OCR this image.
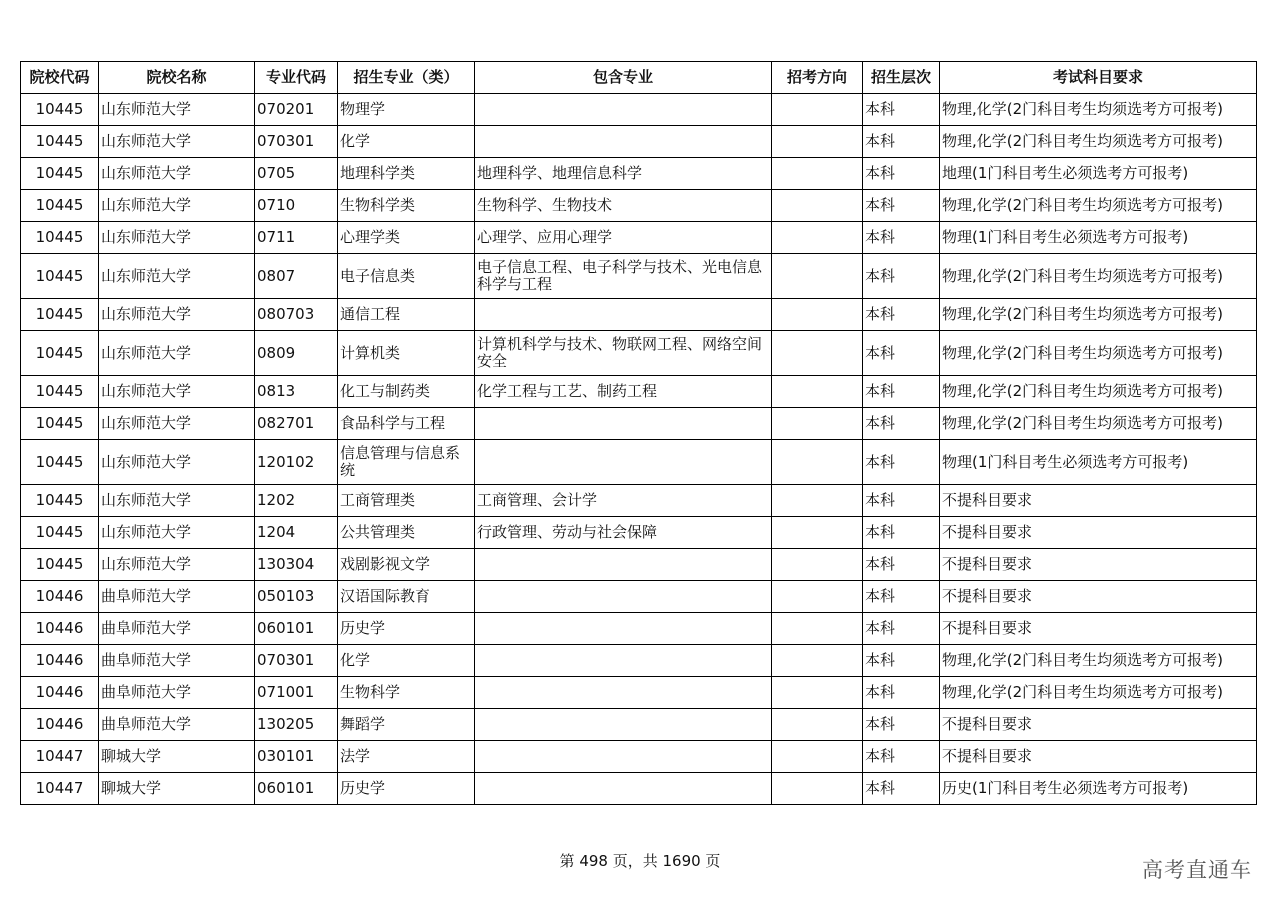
院校代码	院校名称	专业代码	招生专业（类）	包含专业	招考方向	招生层次	考试科目要求
10445	山东师范大学	070201	物理学			本科	物理,化学(2门科目考生均须选考方可报考)
10445	山东师范大学	070301	化学			本科	物理,化学(2门科目考生均须选考方可报考)
10445	山东师范大学	0705	地理科学类	地理科学、地理信息科学		本科	地理(1门科目考生必须选考方可报考)
10445	山东师范大学	0710	生物科学类	生物科学、生物技术		本科	物理,化学(2门科目考生均须选考方可报考)
10445	山东师范大学	0711	心理学类	心理学、应用心理学		本科	物理(1门科目考生必须选考方可报考)
10445	山东师范大学	0807	电子信息类	电子信息工程、电子科学与技术、光电信息科学与工程		本科	物理,化学(2门科目考生均须选考方可报考)
10445	山东师范大学	080703	通信工程			本科	物理,化学(2门科目考生均须选考方可报考)
10445	山东师范大学	0809	计算机类	计算机科学与技术、物联网工程、网络空间安全		本科	物理,化学(2门科目考生均须选考方可报考)
10445	山东师范大学	0813	化工与制药类	化学工程与工艺、制药工程		本科	物理,化学(2门科目考生均须选考方可报考)
10445	山东师范大学	082701	食品科学与工程			本科	物理,化学(2门科目考生均须选考方可报考)
10445	山东师范大学	120102	信息管理与信息系统			本科	物理(1门科目考生必须选考方可报考)
10445	山东师范大学	1202	工商管理类	工商管理、会计学		本科	不提科目要求
10445	山东师范大学	1204	公共管理类	行政管理、劳动与社会保障		本科	不提科目要求
10445	山东师范大学	130304	戏剧影视文学			本科	不提科目要求
10446	曲阜师范大学	050103	汉语国际教育			本科	不提科目要求
10446	曲阜师范大学	060101	历史学			本科	不提科目要求
10446	曲阜师范大学	070301	化学			本科	物理,化学(2门科目考生均须选考方可报考)
10446	曲阜师范大学	071001	生物科学			本科	物理,化学(2门科目考生均须选考方可报考)
10446	曲阜师范大学	130205	舞蹈学			本科	不提科目要求
10447	聊城大学	030101	法学			本科	不提科目要求
10447	聊城大学	060101	历史学			本科	历史(1门科目考生必须选考方可报考)
第 498 页，共 1690 页	高考直通车
